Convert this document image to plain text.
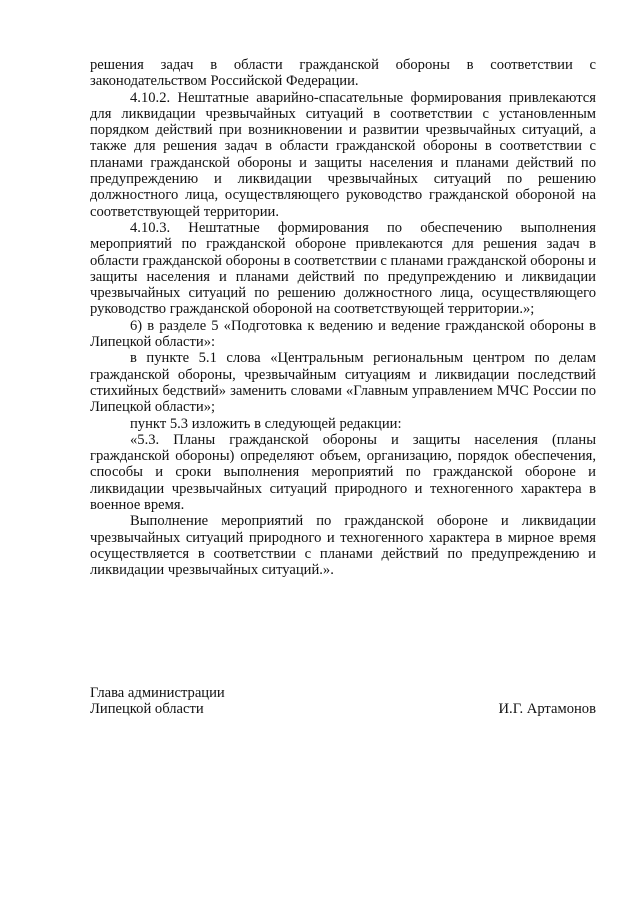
решения задач в области гражданской обороны в соответствии с законодательством Российской Федерации.

4.10.2. Нештатные аварийно-спасательные формирования привлекаются для ликвидации чрезвычайных ситуаций в соответствии с установленным порядком действий при возникновении и развитии чрезвычайных ситуаций, а также для решения задач в области гражданской обороны в соответствии с планами гражданской обороны и защиты населения и планами действий по предупреждению и ликвидации чрезвычайных ситуаций по решению должностного лица, осуществляющего руководство гражданской обороной на соответствующей территории.

4.10.3. Нештатные формирования по обеспечению выполнения мероприятий по гражданской обороне привлекаются для решения задач в области гражданской обороны в соответствии с планами гражданской обороны и защиты населения и планами действий по предупреждению и ликвидации чрезвычайных ситуаций по решению должностного лица, осуществляющего руководство гражданской обороной на соответствующей территории.»;

6) в разделе 5 «Подготовка к ведению и ведение гражданской обороны в Липецкой области»:

в пункте 5.1 слова «Центральным региональным центром по делам гражданской обороны, чрезвычайным ситуациям и ликвидации последствий стихийных бедствий» заменить словами «Главным управлением МЧС России по Липецкой области»;

пункт 5.3 изложить в следующей редакции:

«5.3. Планы гражданской обороны и защиты населения (планы гражданской обороны) определяют объем, организацию, порядок обеспечения, способы и сроки выполнения мероприятий по гражданской обороне и ликвидации чрезвычайных ситуаций природного и техногенного характера в военное время.

Выполнение мероприятий по гражданской обороне и ликвидации чрезвычайных ситуаций природного и техногенного характера в мирное время осуществляется в соответствии с планами действий по предупреждению и ликвидации чрезвычайных ситуаций.».

Глава администрации
Липецкой области	И.Г. Артамонов
